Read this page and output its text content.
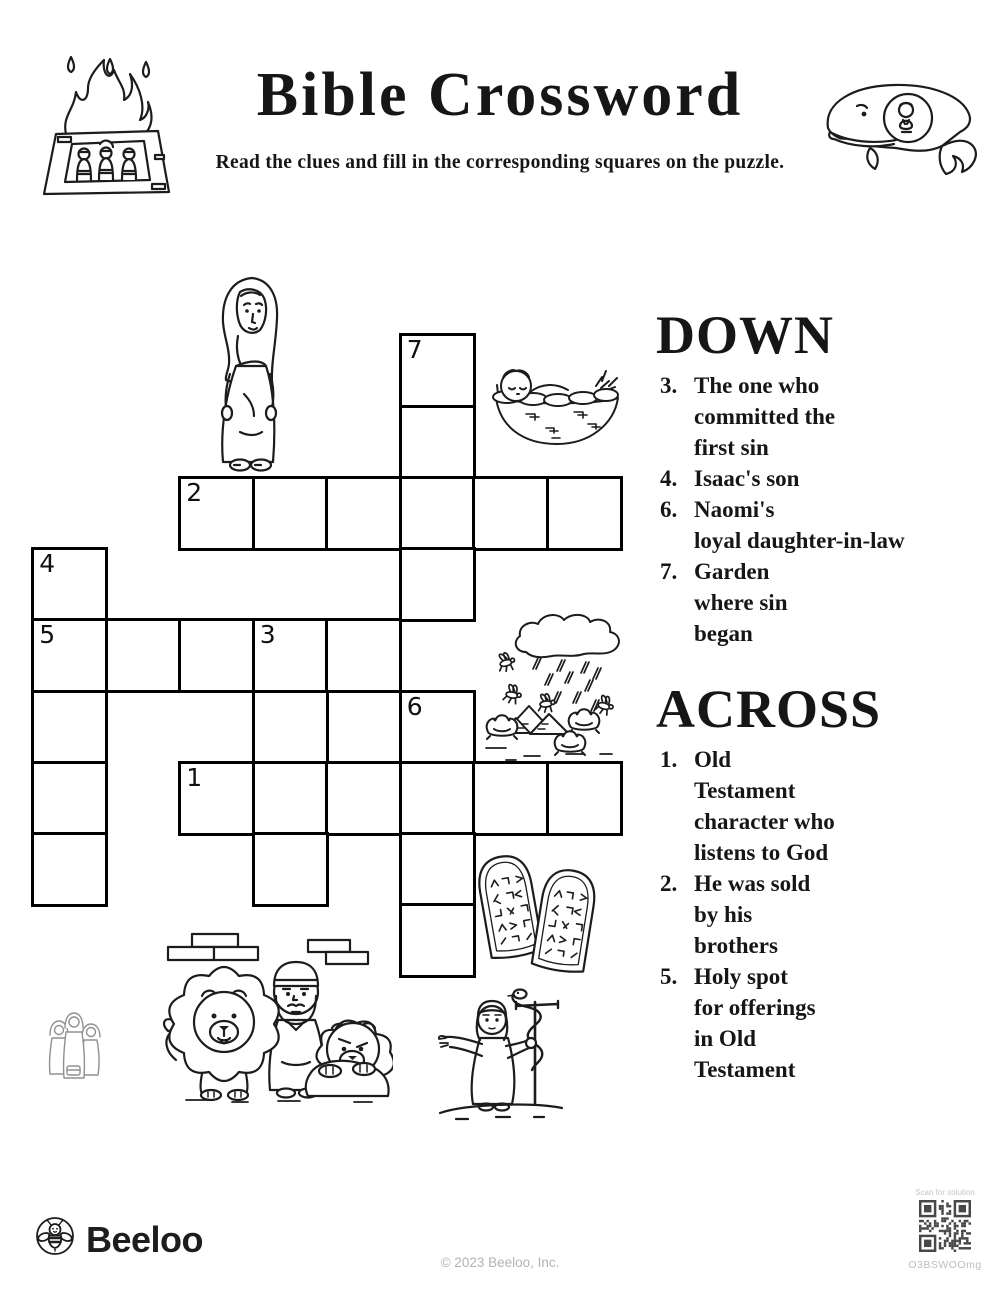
Bible Crossword
Read the clues and fill in the corresponding squares on the puzzle.
7
2
4
5	3
6
1
DOWN
3. The one who
committed the
first sin
4. Isaac's son
6. Naomi's
loyal daughter-in-law
7. Garden
where sin
began
ACROSS
1. Old
Testament
character who
listens to God
2. He was sold
by his
brothers
5. Holy spot
for offerings
in Old
Testament
Beeloo
© 2023 Beeloo, Inc.
Scan for solution
O3BSWOOmg
